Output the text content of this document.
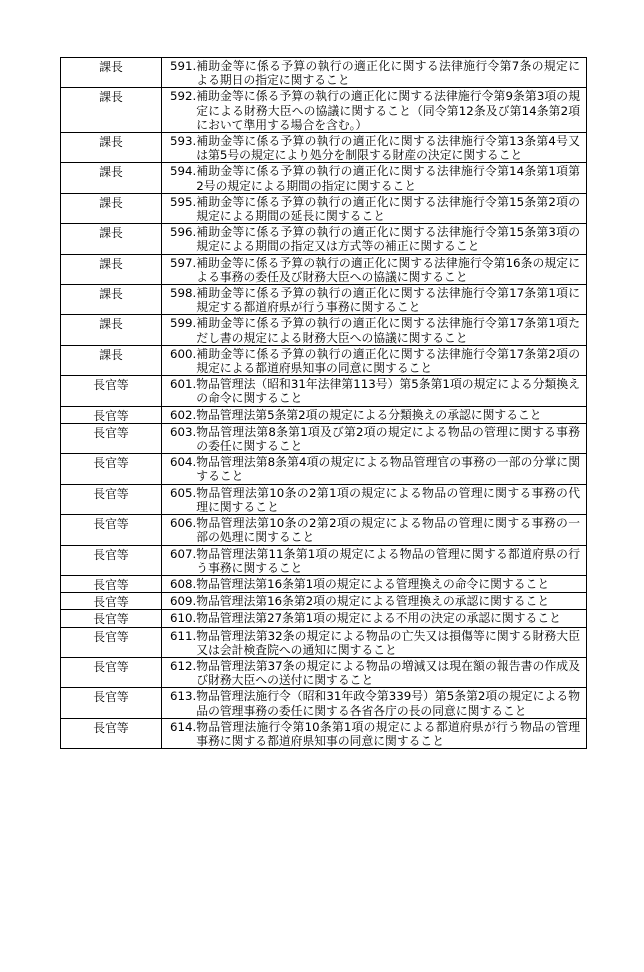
課長	591. 補助金等に係る予算の執行の適正化に関する法律施行令第7条の規定による期日の指定に関すること

課長	592. 補助金等に係る予算の執行の適正化に関する法律施行令第9条第3項の規定による財務大臣への協議に関すること（同令第12条及び第14条第2項において準用する場合を含む。）

課長	593. 補助金等に係る予算の執行の適正化に関する法律施行令第13条第4号又は第5号の規定により処分を制限する財産の決定に関すること

課長	594. 補助金等に係る予算の執行の適正化に関する法律施行令第14条第1項第2号の規定による期間の指定に関すること

課長	595. 補助金等に係る予算の執行の適正化に関する法律施行令第15条第2項の規定による期間の延長に関すること

課長	596. 補助金等に係る予算の執行の適正化に関する法律施行令第15条第3項の規定による期間の指定又は方式等の補正に関すること

課長	597. 補助金等に係る予算の執行の適正化に関する法律施行令第16条の規定による事務の委任及び財務大臣への協議に関すること

課長	598. 補助金等に係る予算の執行の適正化に関する法律施行令第17条第1項に規定する都道府県が行う事務に関すること

課長	599. 補助金等に係る予算の執行の適正化に関する法律施行令第17条第1項ただし書の規定による財務大臣への協議に関すること

課長	600. 補助金等に係る予算の執行の適正化に関する法律施行令第17条第2項の規定による都道府県知事の同意に関すること

長官等	601. 物品管理法（昭和31年法律第113号）第5条第1項の規定による分類換えの命令に関すること

長官等	602. 物品管理法第5条第2項の規定による分類換えの承認に関すること

長官等	603. 物品管理法第8条第1項及び第2項の規定による物品の管理に関する事務の委任に関すること

長官等	604. 物品管理法第8条第4項の規定による物品管理官の事務の一部の分掌に関すること

長官等	605. 物品管理法第10条の2第1項の規定による物品の管理に関する事務の代理に関すること

長官等	606. 物品管理法第10条の2第2項の規定による物品の管理に関する事務の一部の処理に関すること

長官等	607. 物品管理法第11条第1項の規定による物品の管理に関する都道府県の行う事務に関すること

長官等	608. 物品管理法第16条第1項の規定による管理換えの命令に関すること

長官等	609. 物品管理法第16条第2項の規定による管理換えの承認に関すること

長官等	610. 物品管理法第27条第1項の規定による不用の決定の承認に関すること

長官等	611. 物品管理法第32条の規定による物品の亡失又は損傷等に関する財務大臣又は会計検査院への通知に関すること

長官等	612. 物品管理法第37条の規定による物品の増減又は現在額の報告書の作成及び財務大臣への送付に関すること

長官等	613. 物品管理法施行令（昭和31年政令第339号）第5条第2項の規定による物品の管理事務の委任に関する各省各庁の長の同意に関すること

長官等	614. 物品管理法施行令第10条第1項の規定による都道府県が行う物品の管理事務に関する都道府県知事の同意に関すること
